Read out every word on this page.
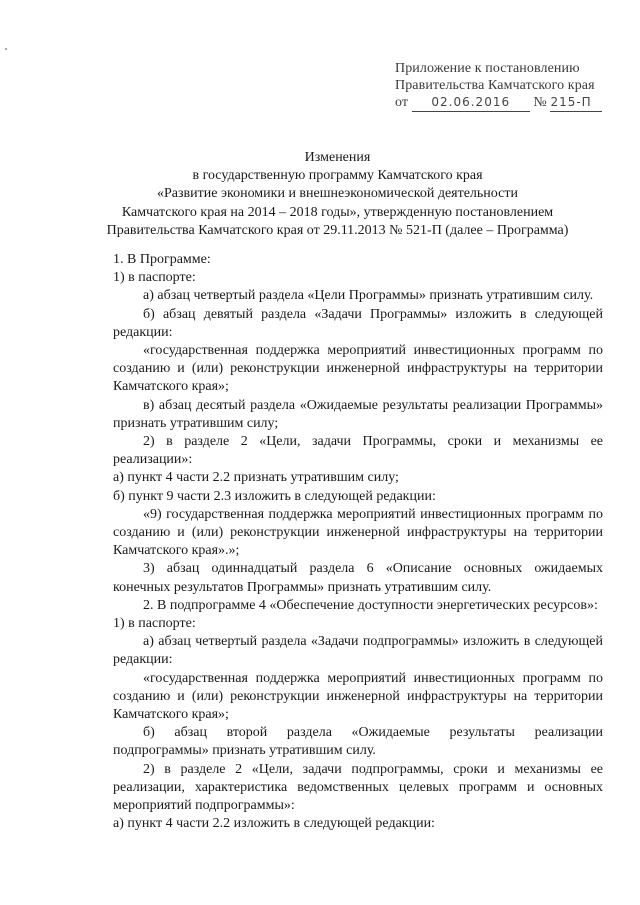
Приложение к постановлению
Правительства Камчатского края
от 02.06.2016 № 215-П
Изменения
в государственную программу Камчатского края
«Развитие экономики и внешнеэкономической деятельности
Камчатского края на 2014 – 2018 годы», утвержденную постановлением
Правительства Камчатского края от 29.11.2013 № 521-П (далее – Программа)

1. В Программе:

1) в паспорте:

а) абзац четвертый раздела «Цели Программы» признать утратившим силу.

б) абзац девятый раздела «Задачи Программы» изложить в следующей редакции:

«государственная поддержка мероприятий инвестиционных программ по созданию и (или) реконструкции инженерной инфраструктуры на территории Камчатского края»;

в) абзац десятый раздела «Ожидаемые результаты реализации Программы» признать утратившим силу;

2) в разделе 2 «Цели, задачи Программы, сроки и механизмы ее реализации»:

а) пункт 4 части 2.2 признать утратившим силу;

б) пункт 9 части 2.3 изложить в следующей редакции:

«9) государственная поддержка мероприятий инвестиционных программ по созданию и (или) реконструкции инженерной инфраструктуры на территории Камчатского края».»;

3) абзац одиннадцатый раздела 6 «Описание основных ожидаемых конечных результатов Программы» признать утратившим силу.

2. В подпрограмме 4 «Обеспечение доступности энергетических ресурсов»:

1) в паспорте:

а) абзац четвертый раздела «Задачи подпрограммы» изложить в следующей редакции:

«государственная поддержка мероприятий инвестиционных программ по созданию и (или) реконструкции инженерной инфраструктуры на территории Камчатского края»;

б) абзац второй раздела «Ожидаемые результаты реализации подпрограммы» признать утратившим силу.

2) в разделе 2 «Цели, задачи подпрограммы, сроки и механизмы ее реализации, характеристика ведомственных целевых программ и основных мероприятий подпрограммы»:

а) пункт 4 части 2.2 изложить в следующей редакции:
